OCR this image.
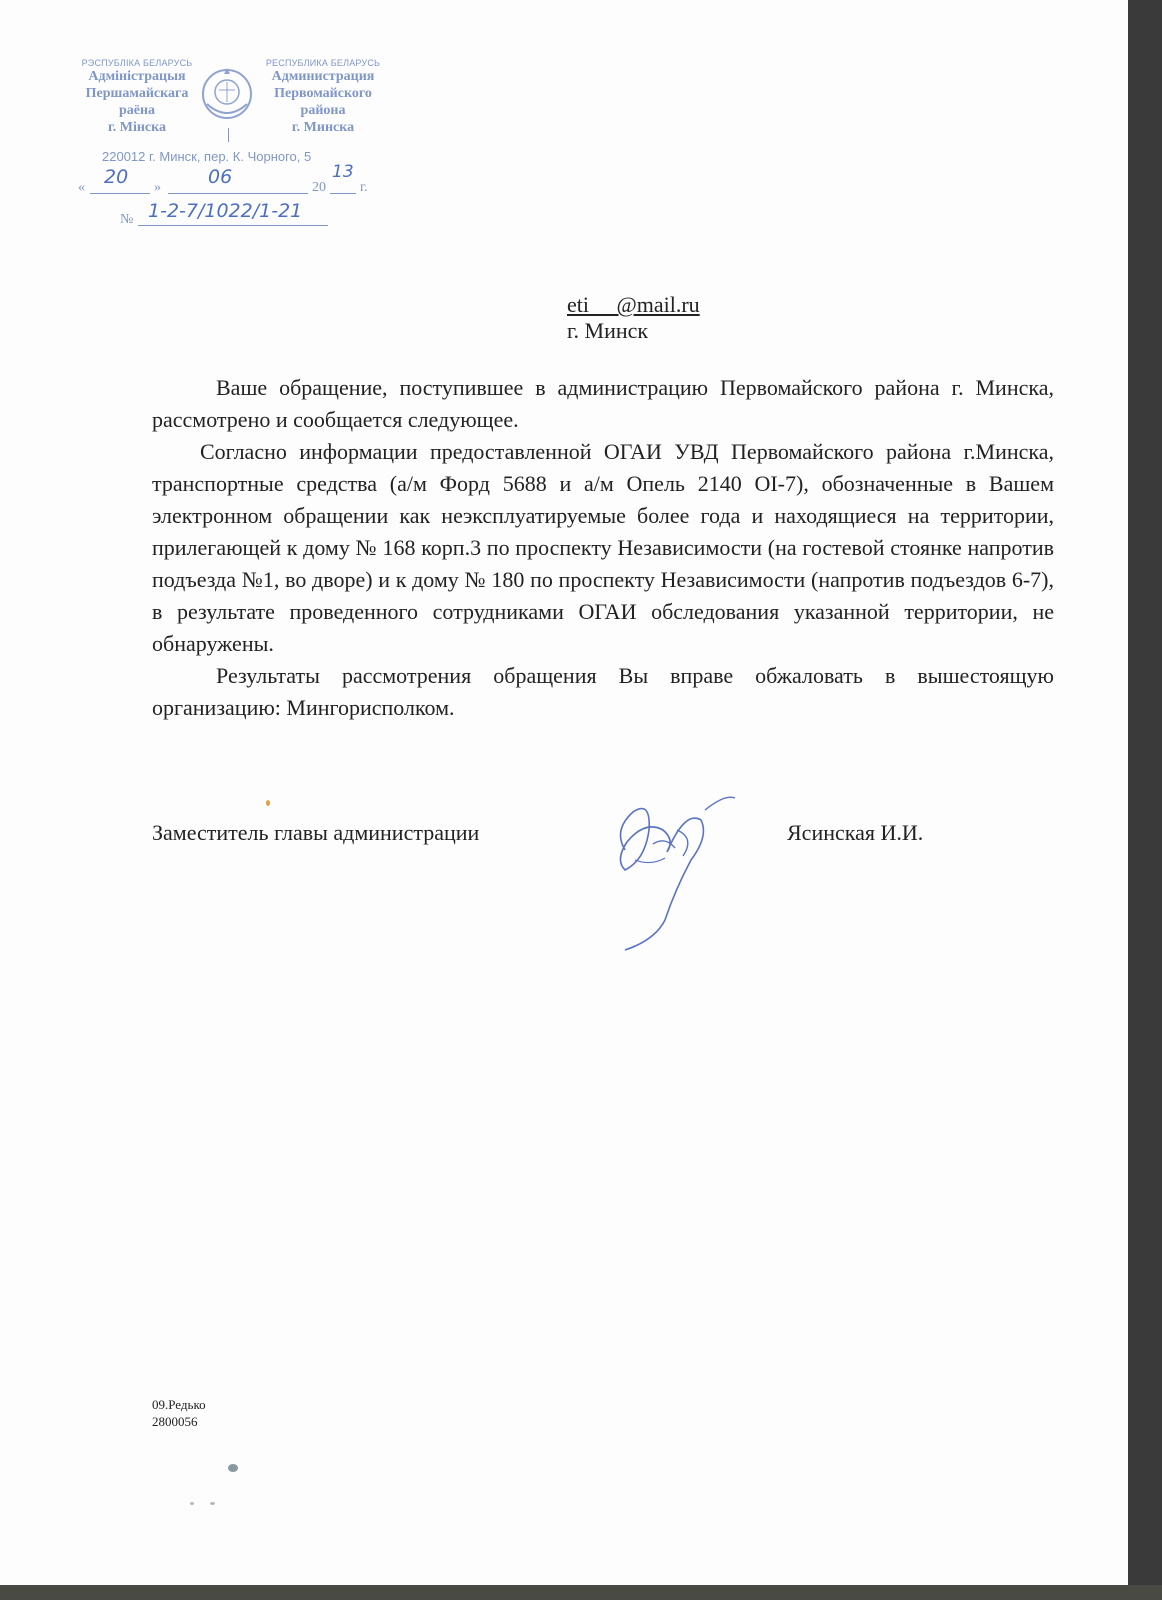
РЭСПУБЛІКА БЕЛАРУСЬ
Адміністрацыя
Першамайскага
раёна
г. Мінска
РЕСПУБЛИКА БЕЛАРУСЬ
Администрация
Первомайского
района
г. Минска
220012 г. Минск, пер. К. Чорного, 5
« 20 » 06	20
13
г.
№ 1-2-7/1022/1-21
eti     @mail.ru
г. Минск

Ваше обращение, поступившее в администрацию Первомайского района г. Минска, рассмотрено и сообщается следующее.

Согласно информации предоставленной ОГАИ УВД Первомайского района г.Минска, транспортные средства (а/м Форд 5688 и а/м Опель 2140 OI-7), обозначенные в Вашем электронном обращении как неэксплуатируемые более года и находящиеся на территории, прилегающей к дому № 168 корп.3 по проспекту Независимости (на гостевой стоянке напротив подъезда №1, во дворе) и к дому № 180 по проспекту Независимости (напротив подъездов 6-7), в результате проведенного сотрудниками ОГАИ обследования указанной территории, не обнаружены.

Результаты рассмотрения обращения Вы вправе обжаловать в вышестоящую организацию: Мингорисполком.

Заместитель главы администрации	Ясинская И.И.
09.Редько
2800056
